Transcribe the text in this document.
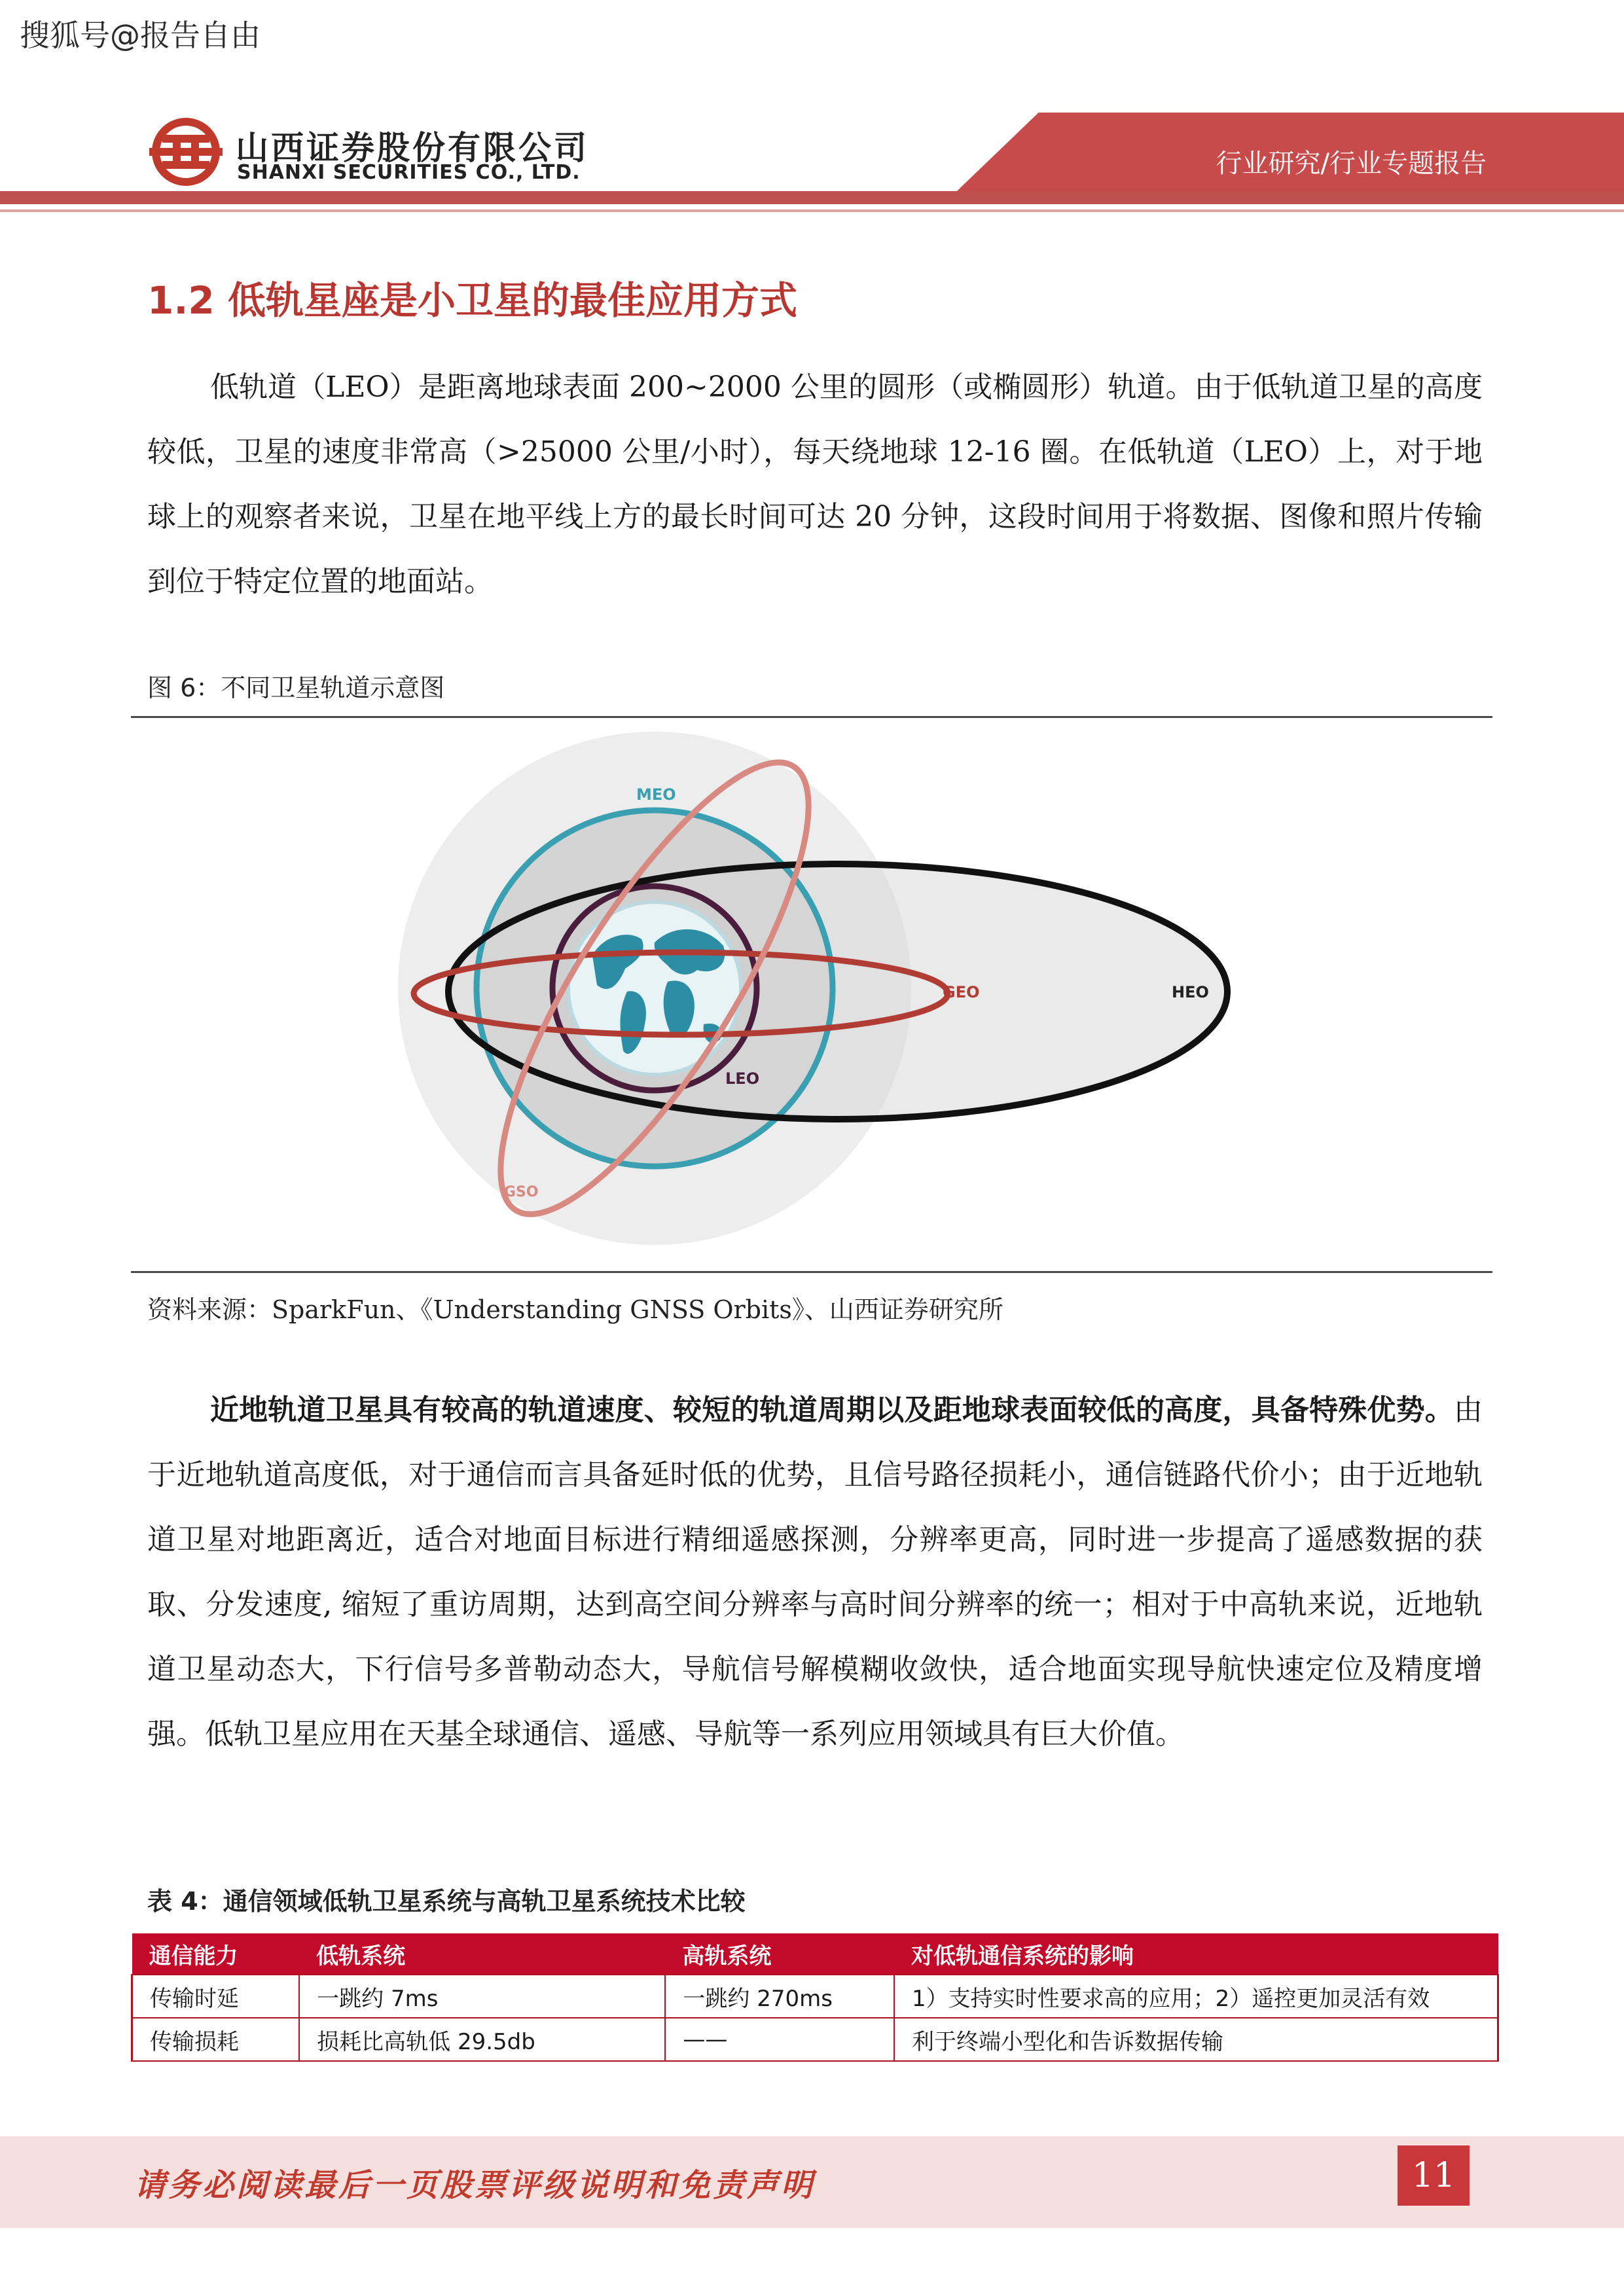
搜狐号@报告自由
行业研究/行业专题报告
山西证券股份有限公司
SHANXI SECURITIES CO., LTD.
1.2 低轨星座是小卫星的最佳应用方式

低轨道（LEO）是距离地球表面 200~2000 公里的圆形（或椭圆形）轨道。由于低轨道卫星的高度较低，卫星的速度非常高（>25000 公里/小时），每天绕地球 12-16 圈。在低轨道（LEO）上，对于地球上的观察者来说，卫星在地平线上方的最长时间可达 20 分钟，这段时间用于将数据、图像和照片传输到位于特定位置的地面站。

图 6：不同卫星轨道示意图
MEO
GEO	HEO
LEO
GSO
资料来源：SparkFun、《Understanding GNSS Orbits》、山西证券研究所

近地轨道卫星具有较高的轨道速度、较短的轨道周期以及距地球表面较低的高度，具备特殊优势。由于近地轨道高度低，对于通信而言具备延时低的优势，且信号路径损耗小，通信链路代价小；由于近地轨道卫星对地距离近，适合对地面目标进行精细遥感探测，分辨率更高，同时进一步提高了遥感数据的获取、分发速度, 缩短了重访周期，达到高空间分辨率与高时间分辨率的统一；相对于中高轨来说，近地轨道卫星动态大，下行信号多普勒动态大，导航信号解模糊收敛快，适合地面实现导航快速定位及精度增强。低轨卫星应用在天基全球通信、遥感、导航等一系列应用领域具有巨大价值。

表 4：通信领域低轨卫星系统与高轨卫星系统技术比较
通信能力	低轨系统	高轨系统	对低轨通信系统的影响
传输时延	一跳约 7ms	一跳约 270ms	1）支持实时性要求高的应用；2）遥控更加灵活有效
传输损耗	损耗比高轨低 29.5db	——	利于终端小型化和告诉数据传输
请务必阅读最后一页股票评级说明和免责声明	11
